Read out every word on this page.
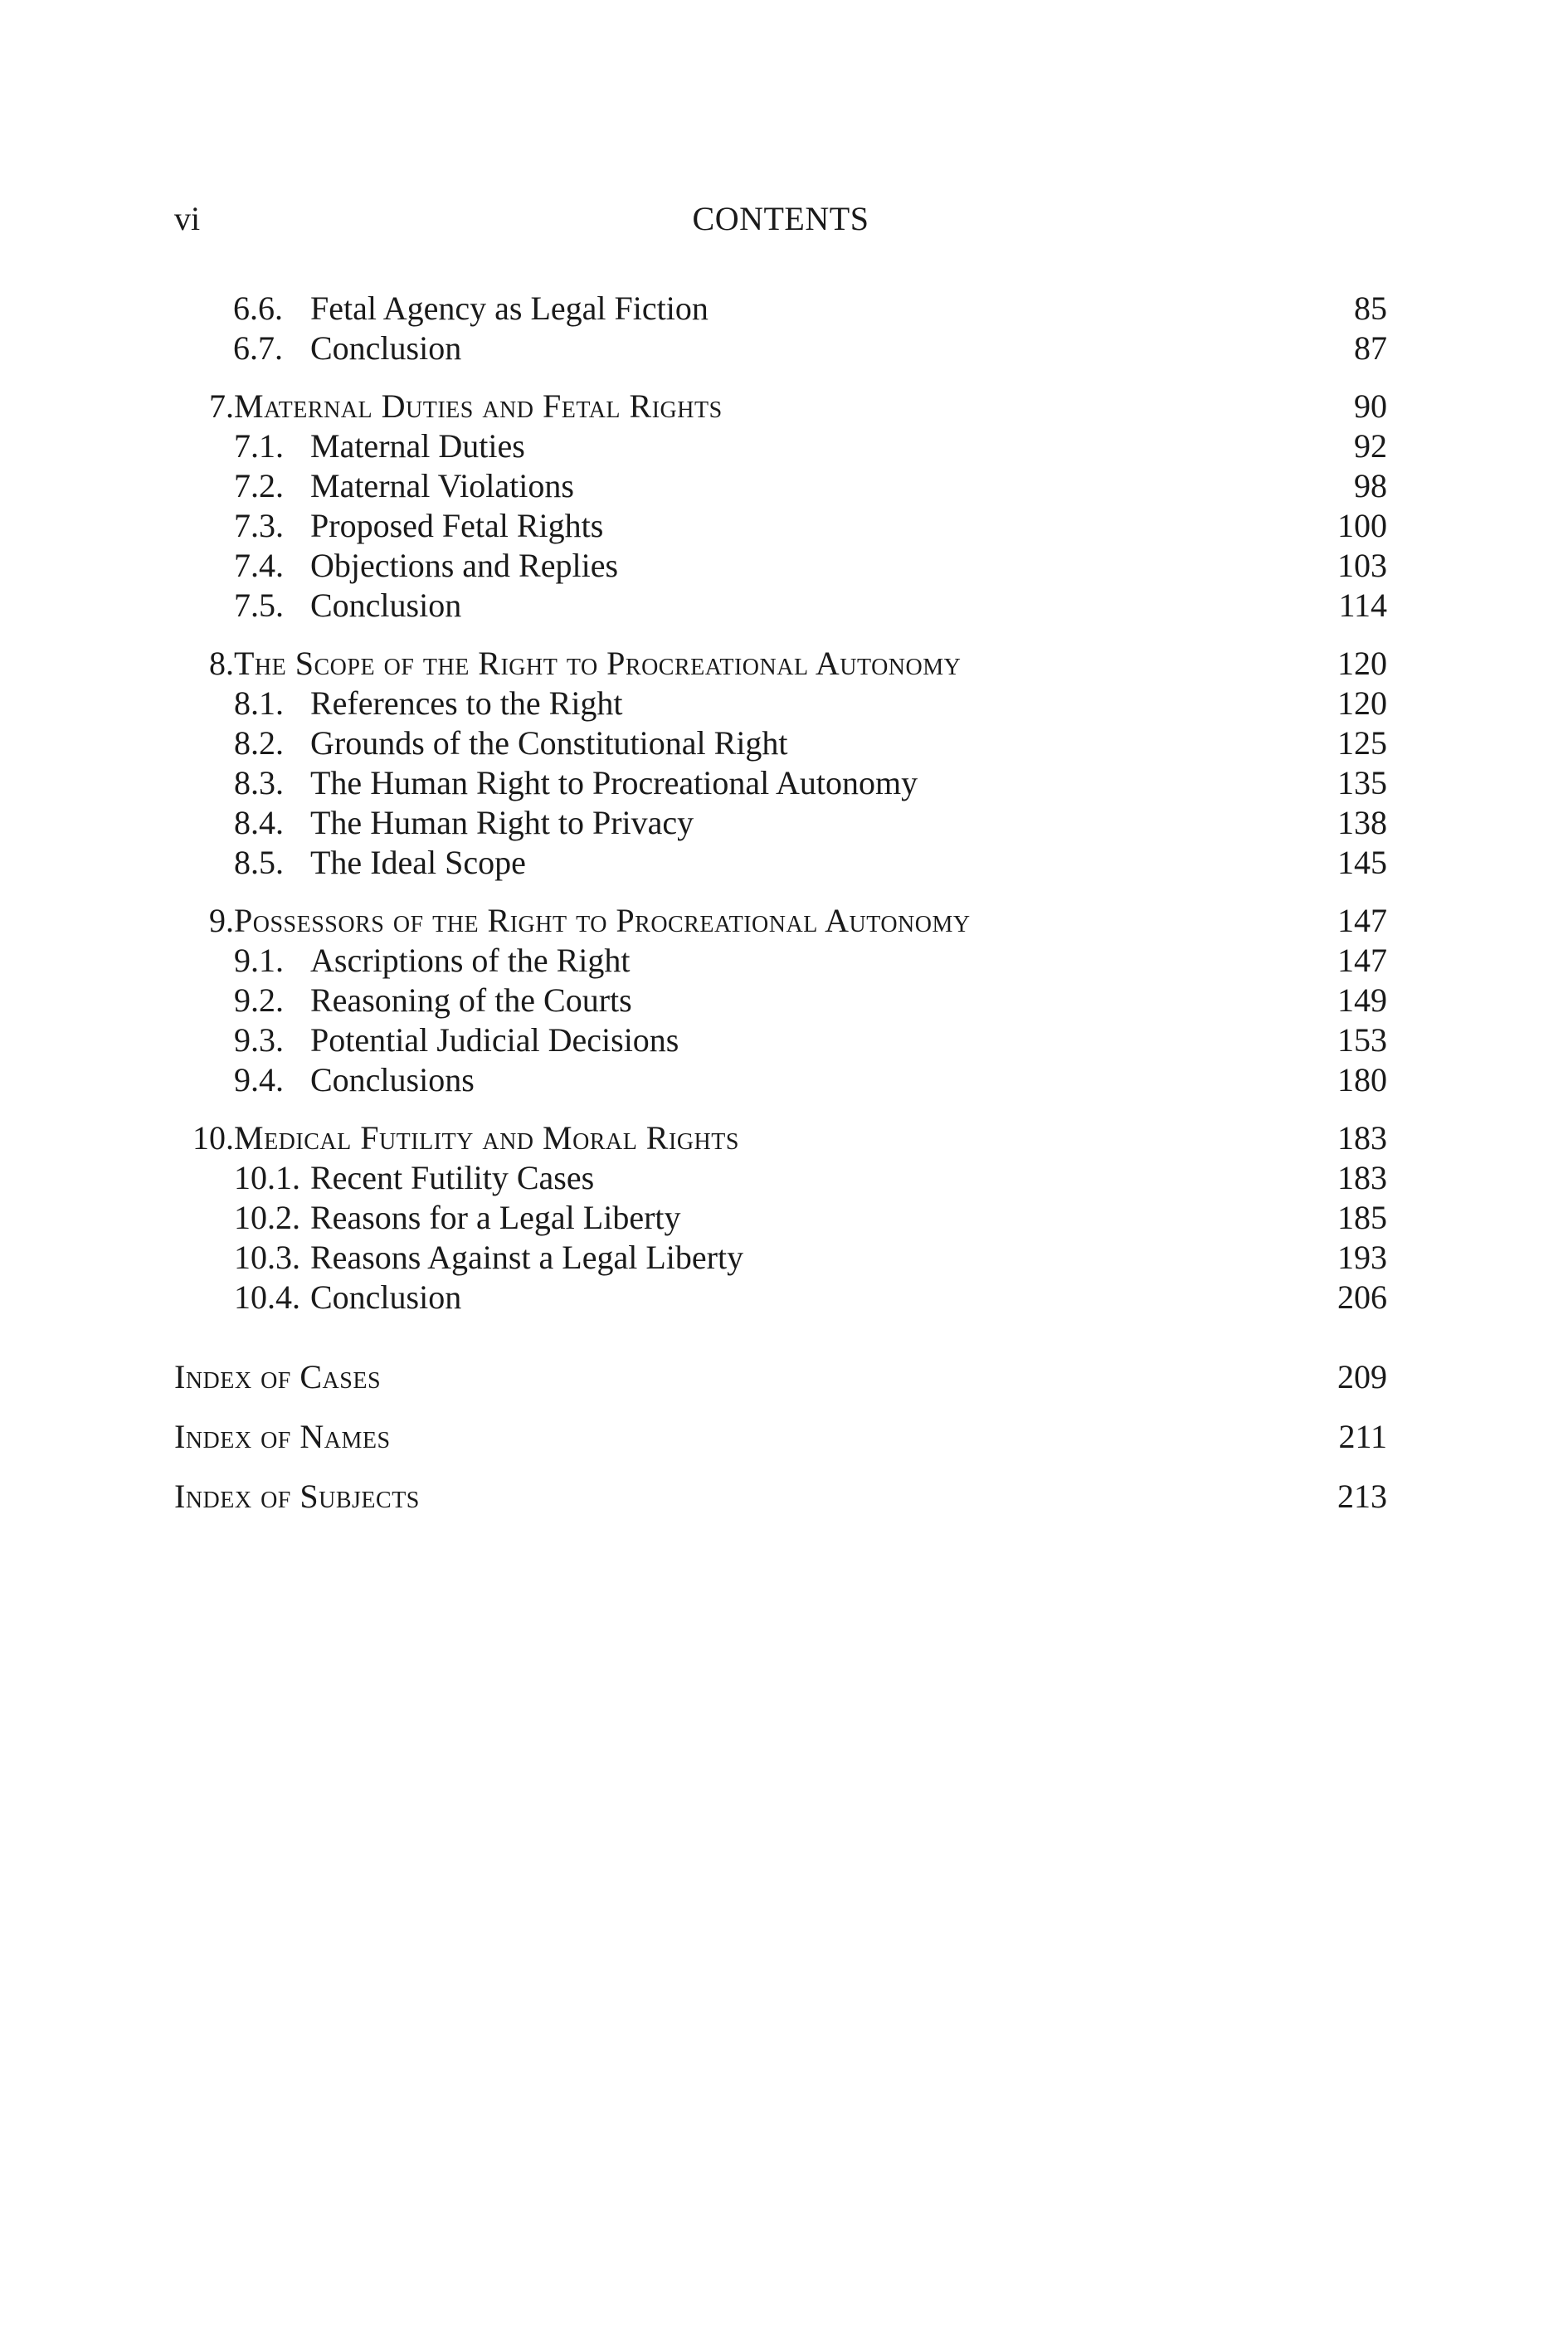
vi	CONTENTS
6.6. Fetal Agency as Legal Fiction	85
6.7. Conclusion	87
7. Maternal Duties and Fetal Rights	90
7.1. Maternal Duties	92
7.2. Maternal Violations	98
7.3. Proposed Fetal Rights	100
7.4. Objections and Replies	103
7.5. Conclusion	114
8. The Scope of the Right to Procreational Autonomy	120
8.1. References to the Right	120
8.2. Grounds of the Constitutional Right	125
8.3. The Human Right to Procreational Autonomy	135
8.4. The Human Right to Privacy	138
8.5. The Ideal Scope	145
9. Possessors of the Right to Procreational Autonomy	147
9.1. Ascriptions of the Right	147
9.2. Reasoning of the Courts	149
9.3. Potential Judicial Decisions	153
9.4. Conclusions	180
10. Medical Futility and Moral Rights	183
10.1. Recent Futility Cases	183
10.2. Reasons for a Legal Liberty	185
10.3. Reasons Against a Legal Liberty	193
10.4. Conclusion	206
Index of Cases	209
Index of Names	211
Index of Subjects	213
